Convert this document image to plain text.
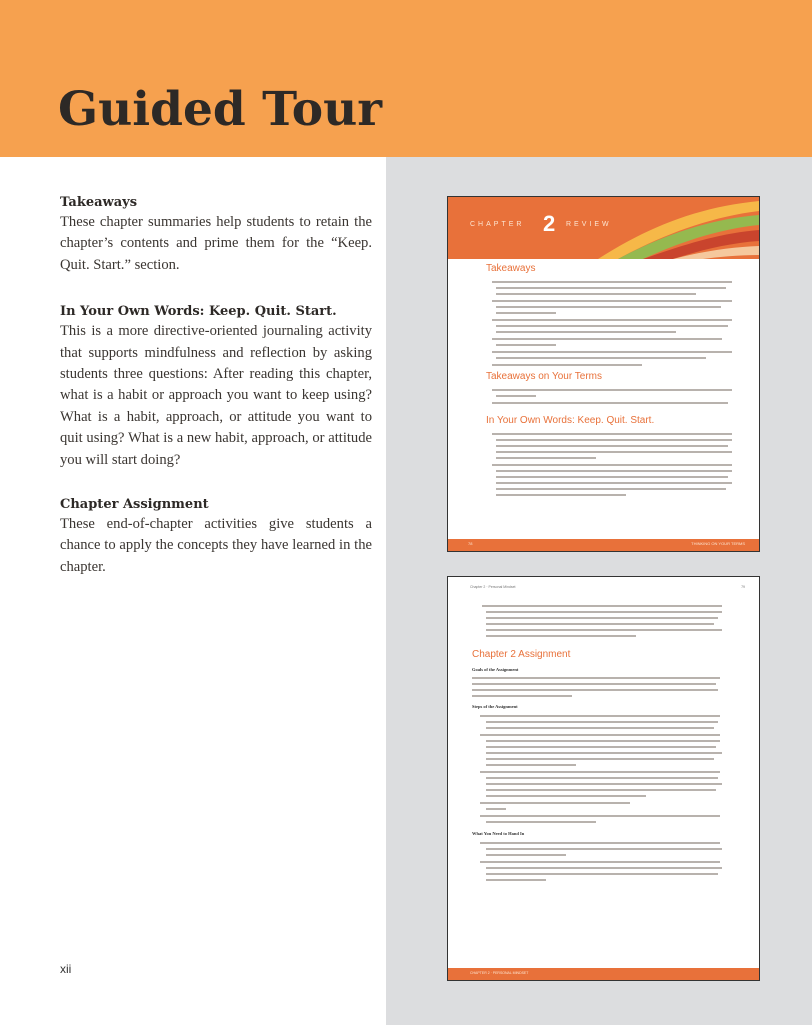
Guided Tour
Takeaways

These chapter summaries help students to retain the chapter’s contents and prime them for the “Keep. Quit. Start.” section.

In Your Own Words: Keep. Quit. Start.

This is a more directive-oriented journaling activity that supports mindfulness and reflection by asking students three questions: After reading this chapter, what is a habit or approach you want to keep using? What is a habit, approach, or attitude you want to quit using? What is a new habit, approach, or attitude you will start doing?

Chapter Assignment

These end-of-chapter activities give students a chance to apply the concepts they have learned in the chapter.

xii
CHAPTER 2 REVIEW

Takeaways

Takeaways on Your Terms

In Your Own Words: Keep. Quit. Start.

78	THINKING ON YOUR TERMS
Chapter 2 · Personal Mindset	79

Chapter 2 Assignment

Goals of the Assignment

Steps of the Assignment

What You Need to Hand In

CHAPTER 2 · PERSONAL MINDSET
